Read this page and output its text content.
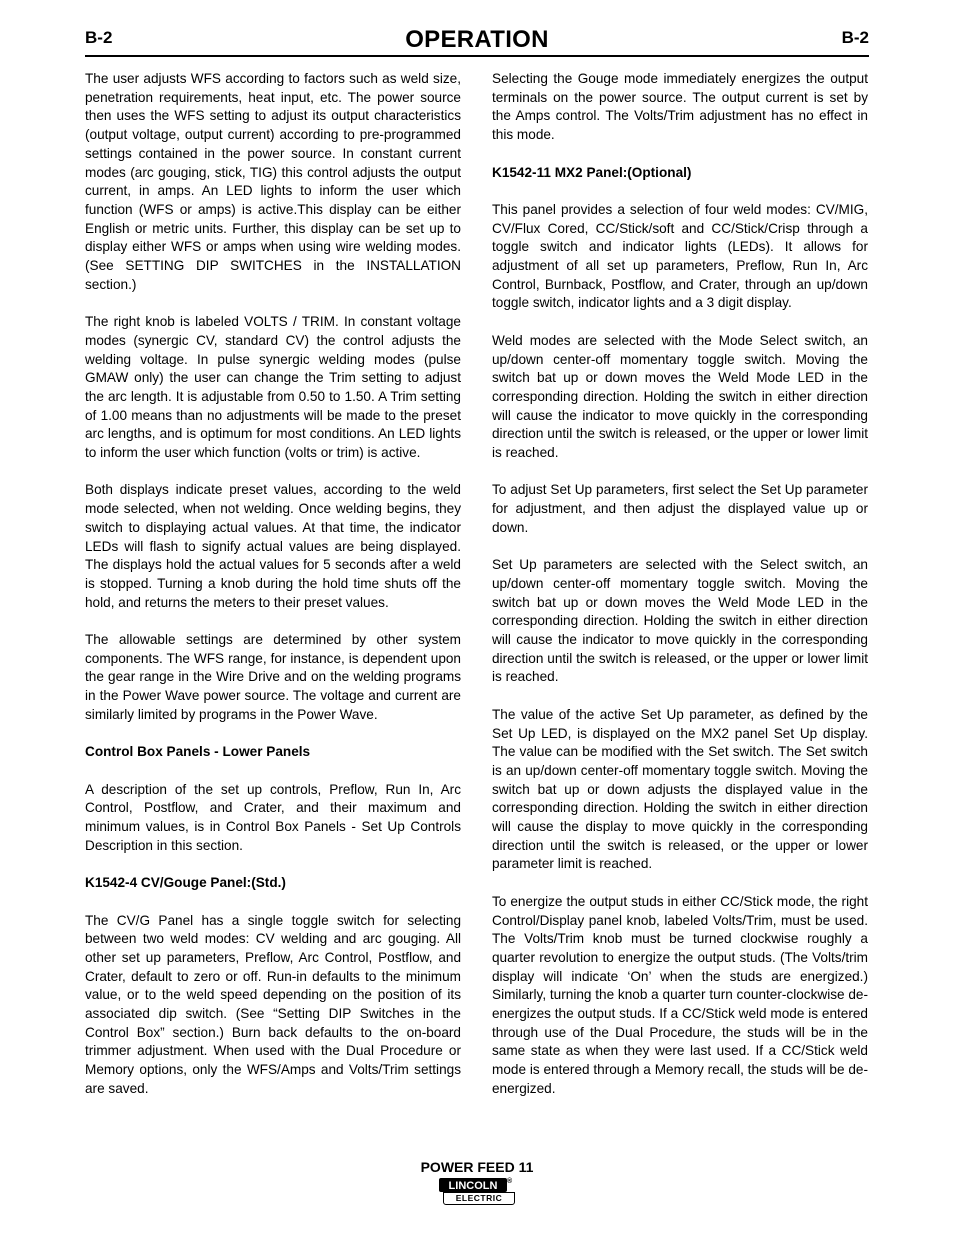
B-2	OPERATION	B-2

The user adjusts WFS according to factors such as weld size, penetration requirements, heat input, etc. The power source then uses the WFS setting to adjust its output characteristics (output voltage, output current) according to pre-programmed settings contained in the power source. In constant current modes (arc gouging, stick, TIG) this control adjusts the output current, in amps. An LED lights to inform the user which function (WFS or amps) is active.This display can be either English or metric units. Further, this display can be set up to display either WFS or amps when using wire welding modes. (See SETTING DIP SWITCHES in the INSTALLATION section.)

The right knob is labeled VOLTS / TRIM. In constant voltage modes (synergic CV, standard CV) the control adjusts the welding voltage. In pulse synergic welding modes (pulse GMAW only) the user can change the Trim setting to adjust the arc length. It is adjustable from 0.50 to 1.50. A Trim setting of 1.00 means than no adjustments will be made to the preset arc lengths, and is optimum for most conditions. An LED lights to inform the user which function (volts or trim) is active.

Both displays indicate preset values, according to the weld mode selected, when not welding. Once welding begins, they switch to displaying actual values. At that time, the indicator LEDs will flash to signify actual values are being displayed. The displays hold the actual values for 5 seconds after a weld is stopped. Turning a knob during the hold time shuts off the hold, and returns the meters to their preset values.

The allowable settings are determined by other system components. The WFS range, for instance, is dependent upon the gear range in the Wire Drive and on the welding programs in the Power Wave power source. The voltage and current are similarly limited by programs in the Power Wave.

Control Box Panels - Lower Panels

A description of the set up controls, Preflow, Run In, Arc Control, Postflow, and Crater, and their maximum and minimum values, is in Control Box Panels - Set Up Controls Description in this section.

K1542-4 CV/Gouge Panel:(Std.)

The CV/G Panel has a single toggle switch for selecting between two weld modes: CV welding and arc gouging. All other set up parameters, Preflow, Arc Control, Postflow, and Crater, default to zero or off. Run-in defaults to the minimum value, or to the weld speed depending on the position of its associated dip switch. (See “Setting DIP Switches in the Control Box” section.) Burn back defaults to the on-board trimmer adjustment. When used with the Dual Procedure or Memory options, only the WFS/Amps and Volts/Trim settings are saved.

Selecting the Gouge mode immediately energizes the output terminals on the power source. The output current is set by the Amps control. The Volts/Trim adjustment has no effect in this mode.

K1542-11 MX2 Panel:(Optional)

This panel provides a selection of four weld modes: CV/MIG, CV/Flux Cored, CC/Stick/soft and CC/Stick/Crisp through a toggle switch and indicator lights (LEDs). It allows for adjustment of all set up parameters, Preflow, Run In, Arc Control, Burnback, Postflow, and Crater, through an up/down toggle switch, indicator lights and a 3 digit display.

Weld modes are selected with the Mode Select switch, an up/down center-off momentary toggle switch. Moving the switch bat up or down moves the Weld Mode LED in the corresponding direction. Holding the switch in either direction will cause the indicator to move quickly in the corresponding direction until the switch is released, or the upper or lower limit is reached.

To adjust Set Up parameters, first select the Set Up parameter for adjustment, and then adjust the displayed value up or down.

Set Up parameters are selected with the Select switch, an up/down center-off momentary toggle switch. Moving the switch bat up or down moves the Weld Mode LED in the corresponding direction. Holding the switch in either direction will cause the indicator to move quickly in the corresponding direction until the switch is released, or the upper or lower limit is reached.

The value of the active Set Up parameter, as defined by the Set Up LED, is displayed on the MX2 panel Set Up display. The value can be modified with the Set switch. The Set switch is an up/down center-off momentary toggle switch. Moving the switch bat up or down adjusts the displayed value in the corresponding direction. Holding the switch in either direction will cause the display to move quickly in the corresponding direction until the switch is released, or the upper or lower parameter limit is reached.

To energize the output studs in either CC/Stick mode, the right Control/Display panel knob, labeled Volts/Trim, must be used. The Volts/Trim knob must be turned clockwise roughly a quarter revolution to energize the output studs. (The Volts/trim display will indicate ‘On’ when the studs are energized.) Similarly, turning the knob a quarter turn counter-clockwise de-energizes the output studs. If a CC/Stick weld mode is entered through use of the Dual Procedure, the studs will be in the same state as when they were last used. If a CC/Stick weld mode is entered through a Memory recall, the studs will be de-energized.

POWER FEED 11
LINCOLN	®
ELECTRIC
